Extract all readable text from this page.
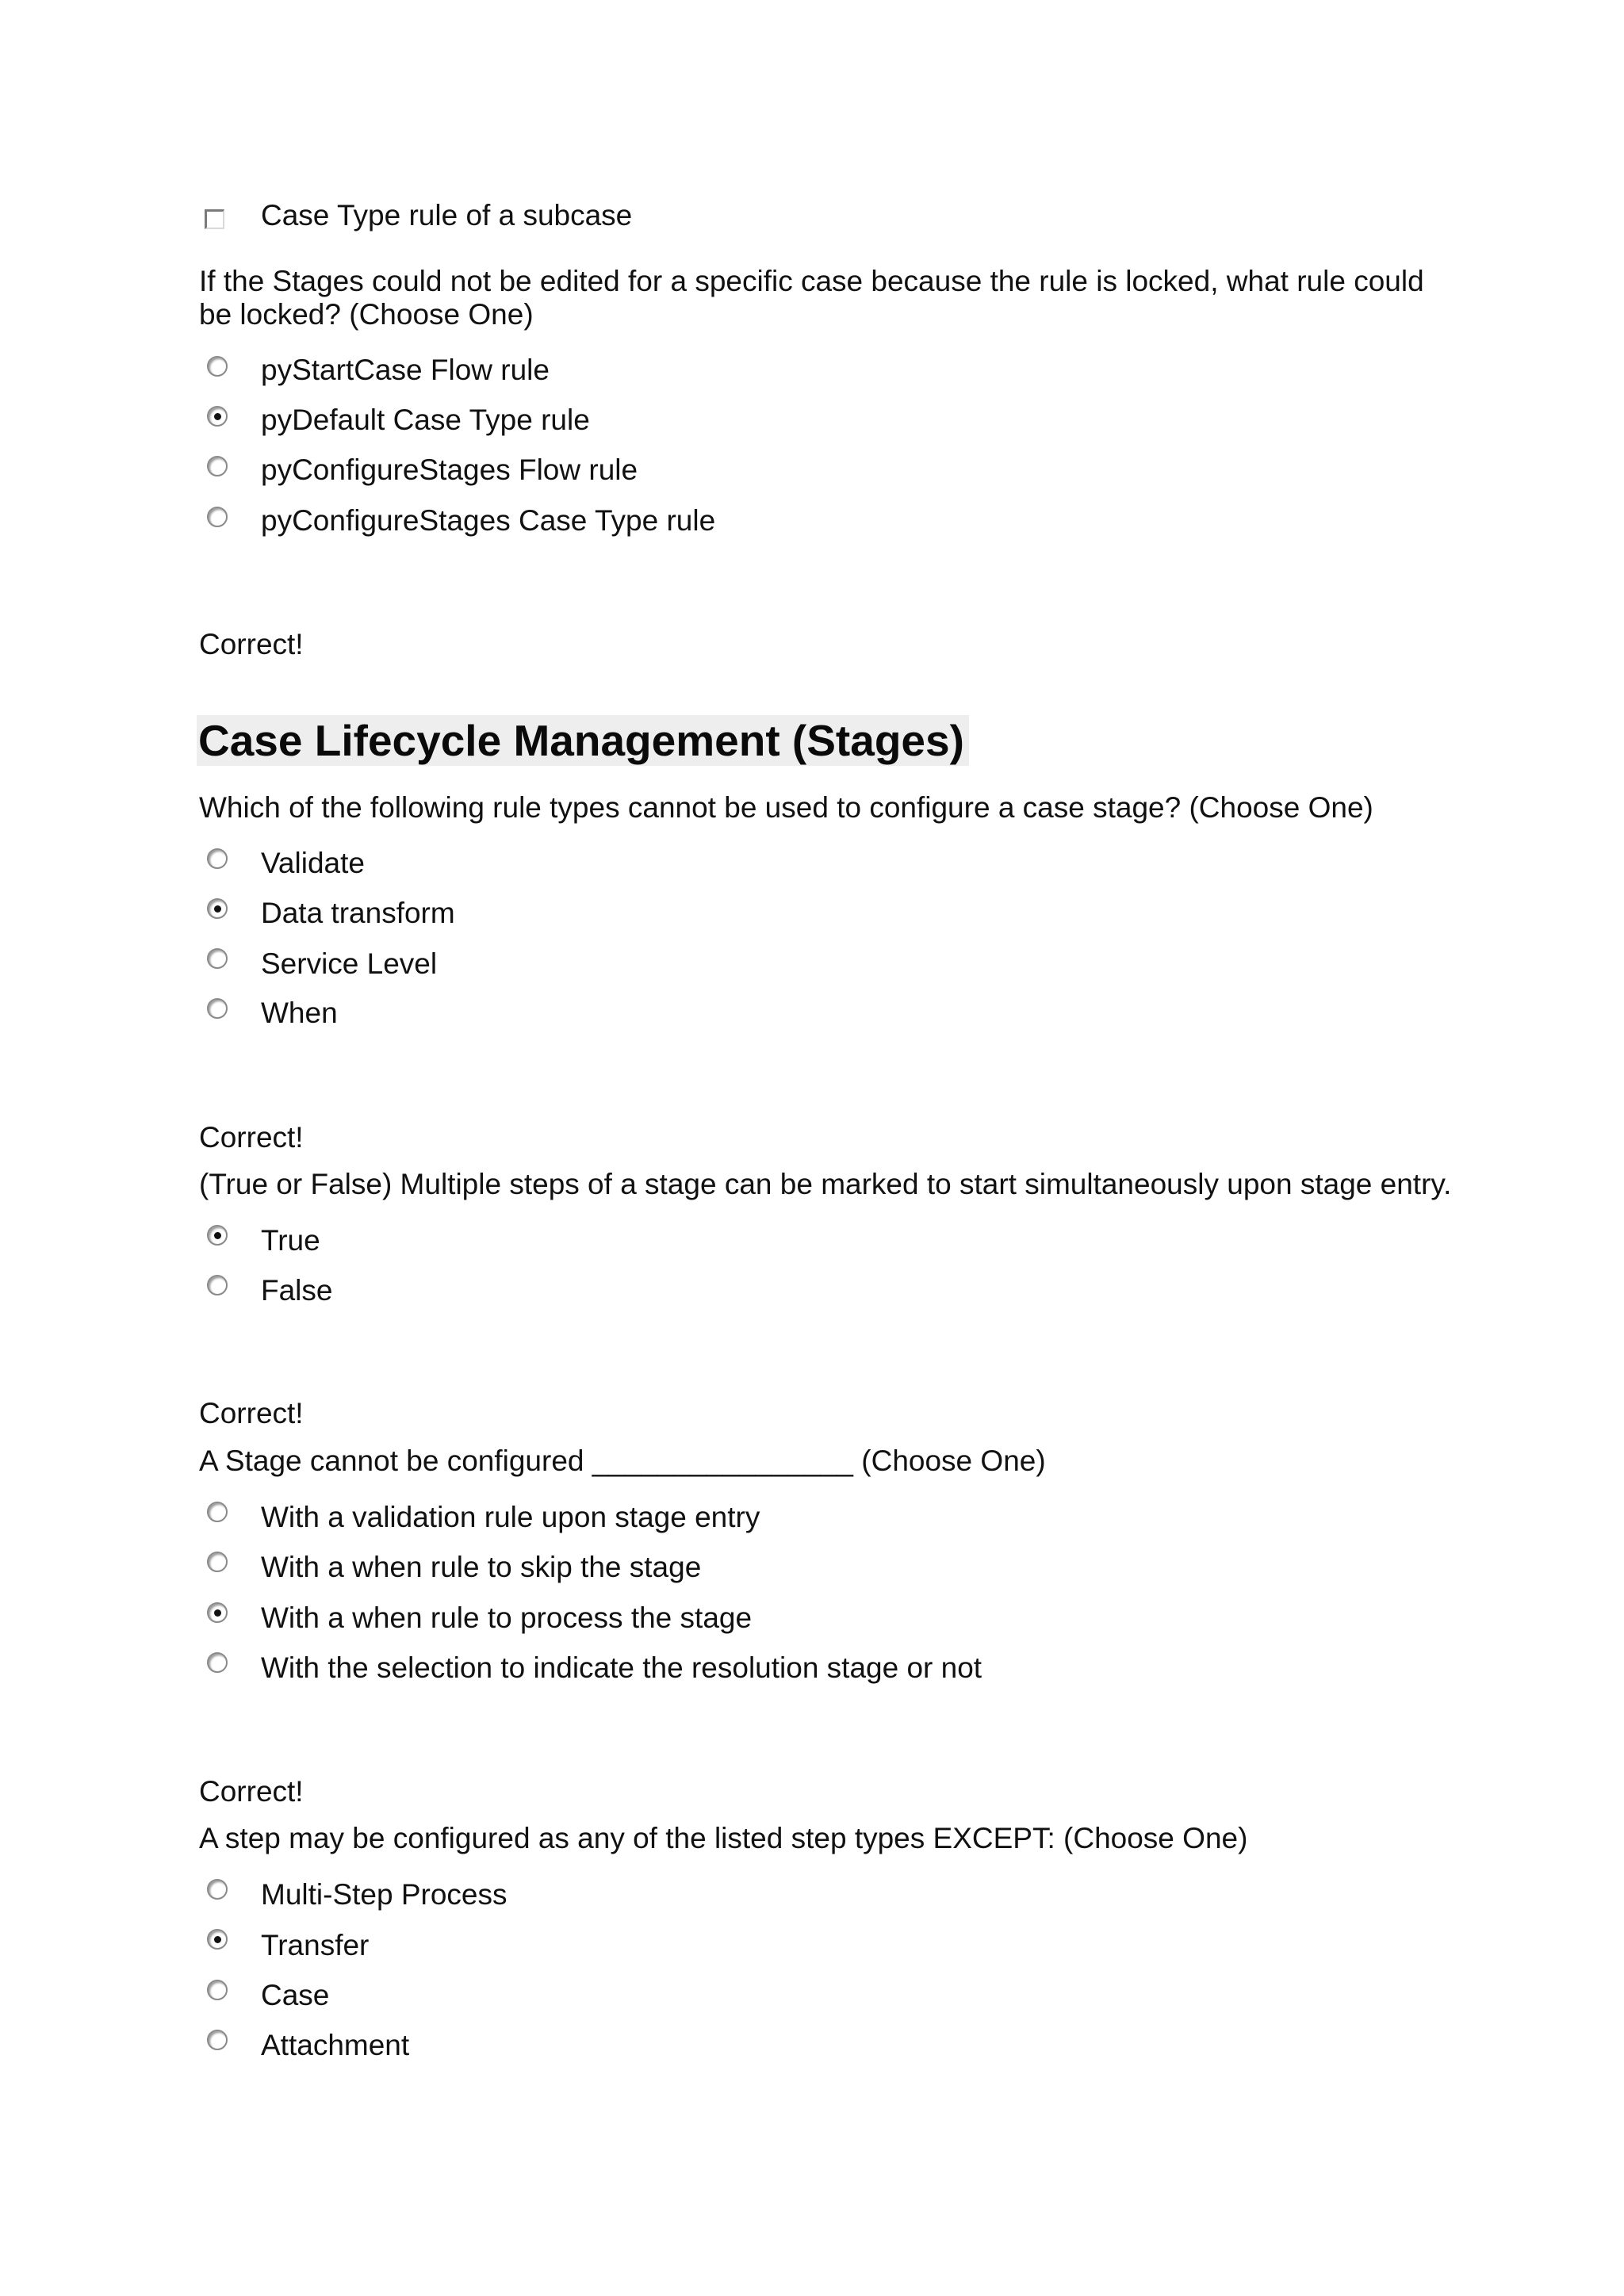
Case Type rule of a subcase
If the Stages could not be edited for a specific case because the rule is locked, what rule could
be locked? (Choose One)
pyStartCase Flow rule
pyDefault Case Type rule
pyConfigureStages Flow rule
pyConfigureStages Case Type rule
Correct!
Case Lifecycle Management (Stages)
Which of the following rule types cannot be used to configure a case stage? (Choose One)
Validate
Data transform
Service Level
When
Correct!
(True or False) Multiple steps of a stage can be marked to start simultaneously upon stage entry.
True
False
Correct!
A Stage cannot be configured ________________ (Choose One)
With a validation rule upon stage entry
With a when rule to skip the stage
With a when rule to process the stage
With the selection to indicate the resolution stage or not
Correct!
A step may be configured as any of the listed step types EXCEPT: (Choose One)
Multi-Step Process
Transfer
Case
Attachment
